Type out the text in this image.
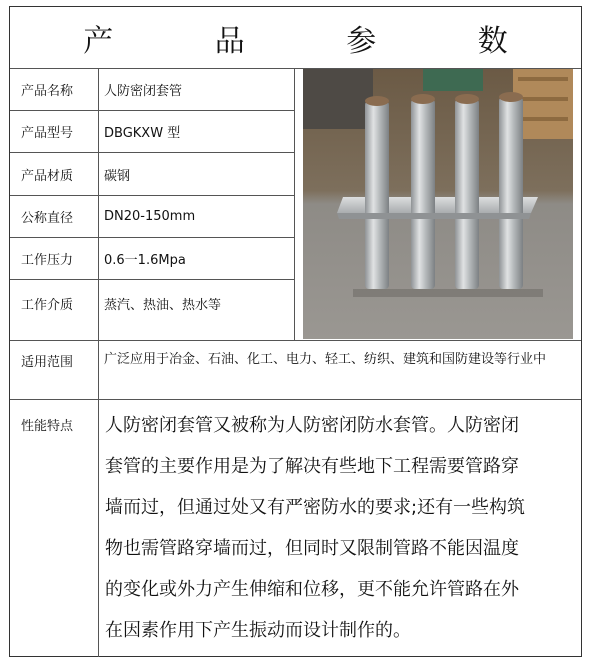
产 品 参 数
产品名称	人防密闭套管
产品型号	DBGKXW 型
产品材质	碳钢
公称直径	DN20-150mm
工作压力	0.6一1.6Mpa
工作介质	蒸汽、热油、热水等
适用范围 广泛应用于冶金、石油、化工、电力、轻工、纺织、建筑和国防建设等行业中
性能特点 人防密闭套管又被称为人防密闭防水套管。人防密闭
套管的主要作用是为了解决有些地下工程需要管路穿
墙而过，但通过处又有严密防水的要求;还有一些构筑
物也需管路穿墙而过，但同时又限制管路不能因温度
的变化或外力产生伸缩和位移，更不能允许管路在外
在因素作用下产生振动而设计制作的。
